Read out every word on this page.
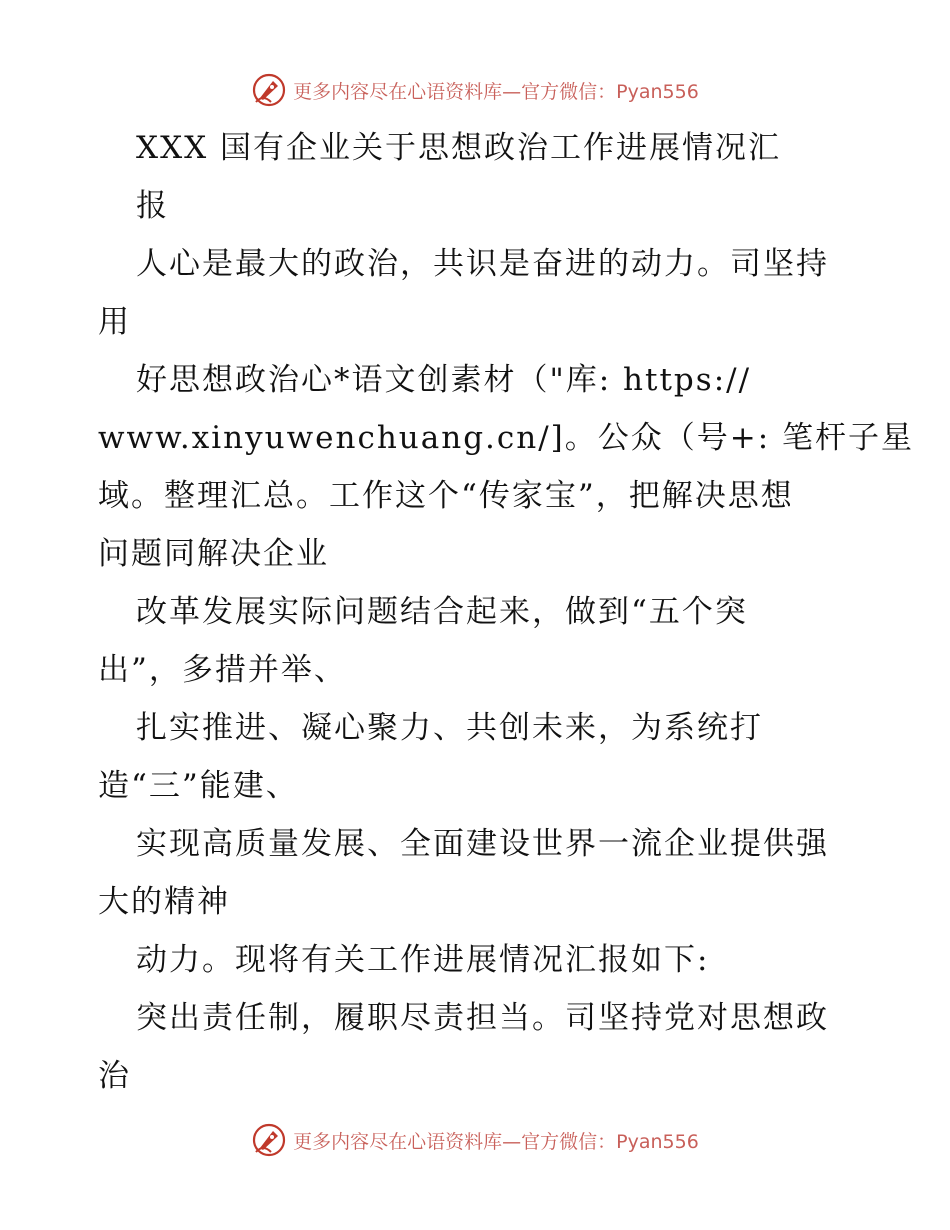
更多内容尽在心语资料库—官方微信：Pyan556
XXX 国有企业关于思想政治工作进展情况汇
报
人心是最大的政治，共识是奋进的动力。司坚持
用
好思想政治心*语文创素材（"库: https://
www.xinyuwenchuang.cn/]。公众（号+: 笔杆子星
域。整理汇总。工作这个“传家宝”，把解决思想
问题同解决企业
改革发展实际问题结合起来，做到“五个突
出”，多措并举、
扎实推进、凝心聚力、共创未来，为系统打
造“三”能建、
实现高质量发展、全面建设世界一流企业提供强
大的精神
动力。现将有关工作进展情况汇报如下:
突出责任制，履职尽责担当。司坚持党对思想政
治
更多内容尽在心语资料库—官方微信：Pyan556
